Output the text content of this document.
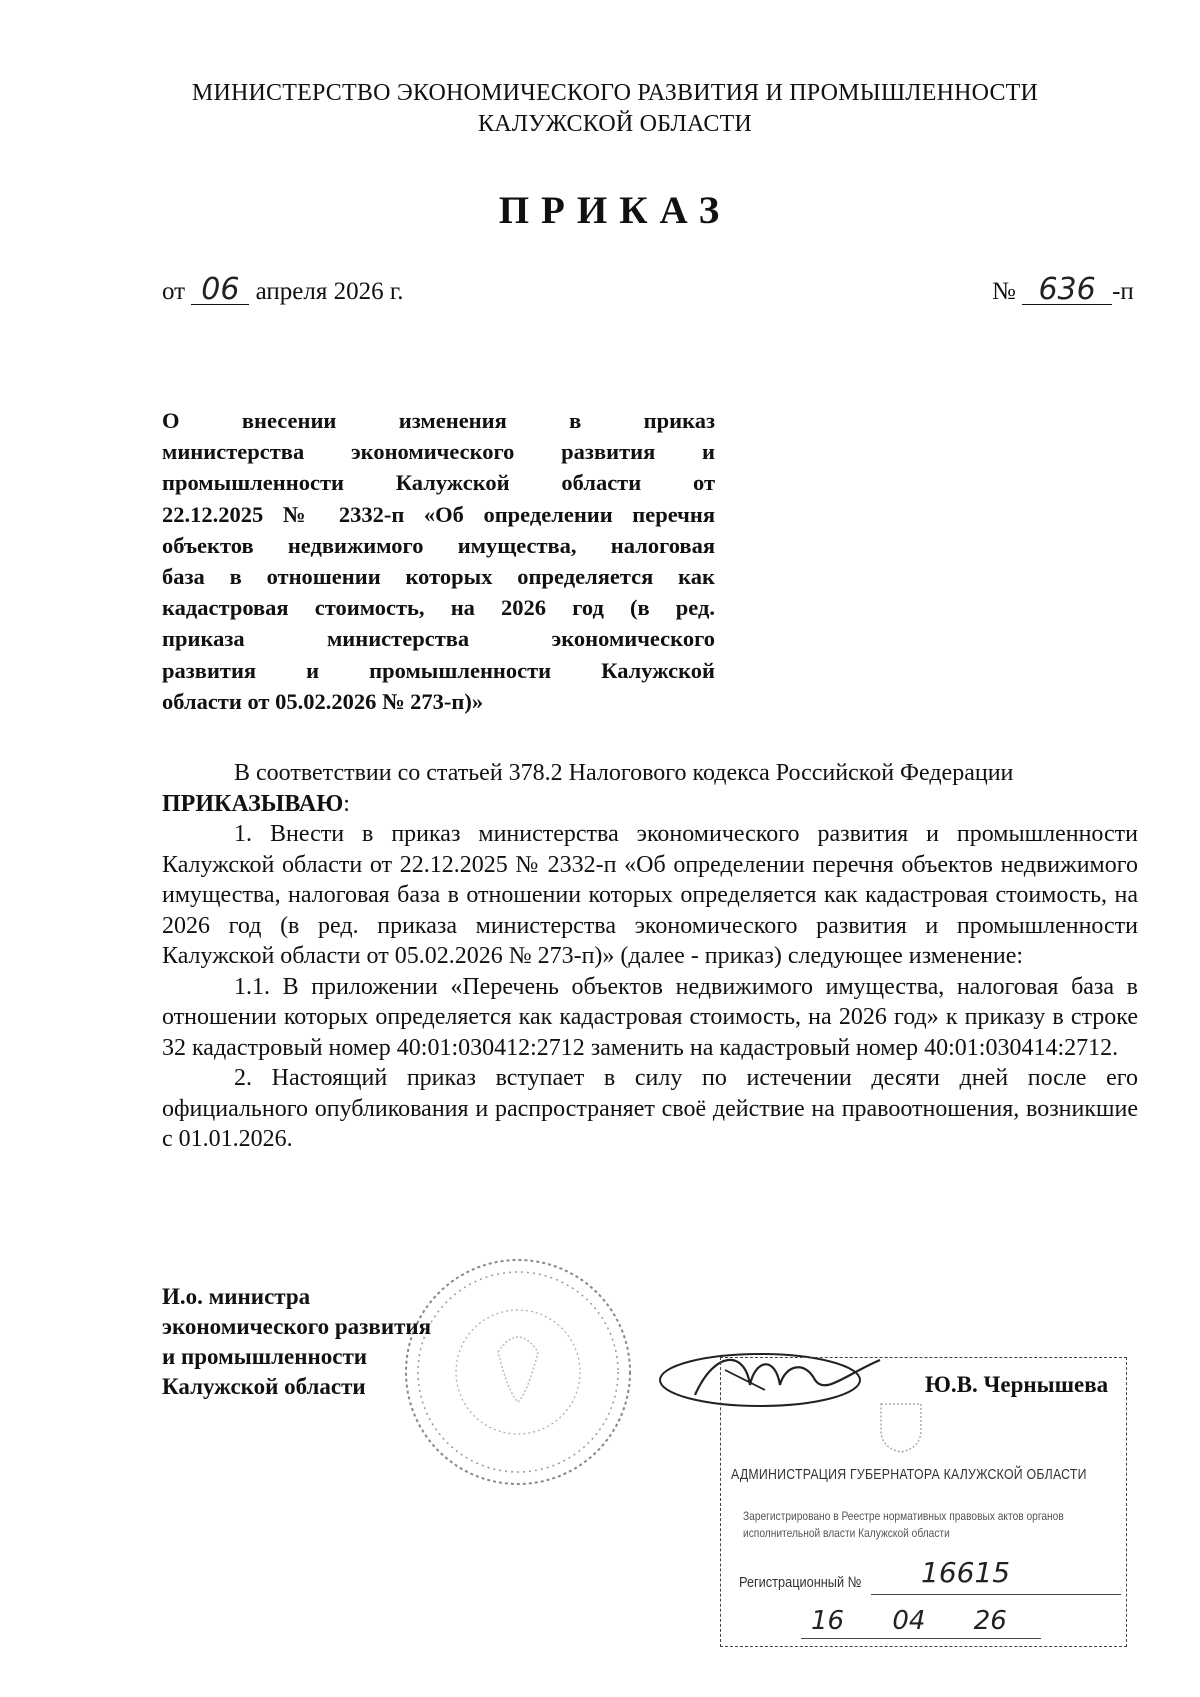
МИНИСТЕРСТВО ЭКОНОМИЧЕСКОГО РАЗВИТИЯ И ПРОМЫШЛЕННОСТИ
КАЛУЖСКОЙ ОБЛАСТИ
ПРИКАЗ
от 06 апреля 2026 г.	№ 636 -п
О внесении изменения в приказ
министерства экономического развития и
промышленности Калужской области от
22.12.2025 № 2332-п «Об определении перечня
объектов недвижимого имущества, налоговая
база в отношении которых определяется как
кадастровая стоимость, на 2026 год (в ред.
приказа министерства экономического
развития и промышленности Калужской
области от 05.02.2026 № 273-п)»

В соответствии со статьей 378.2 Налогового кодекса Российской Федерации

ПРИКАЗЫВАЮ:

1. Внести в приказ министерства экономического развития и промышленности Калужской области от 22.12.2025 № 2332-п «Об определении перечня объектов недвижимого имущества, налоговая база в отношении которых определяется как кадастровая стоимость, на 2026 год (в ред. приказа министерства экономического развития и промышленности Калужской области от 05.02.2026 № 273-п)» (далее - приказ) следующее изменение:

1.1. В приложении «Перечень объектов недвижимого имущества, налоговая база в отношении которых определяется как кадастровая стоимость, на 2026 год» к приказу в строке 32 кадастровый номер 40:01:030412:2712 заменить на кадастровый номер 40:01:030414:2712.

2. Настоящий приказ вступает в силу по истечении десяти дней после его официального опубликования и распространяет своё действие на правоотношения, возникшие с 01.01.2026.

И.о. министра
экономического развития
и промышленности
Калужской области	Ю.В. Чернышева
АДМИНИСТРАЦИЯ ГУБЕРНАТОРА КАЛУЖСКОЙ ОБЛАСТИ
Зарегистрировано в Реестре нормативных правовых актов органов исполнительной власти Калужской области
Регистрационный № 16615
16 04 26
